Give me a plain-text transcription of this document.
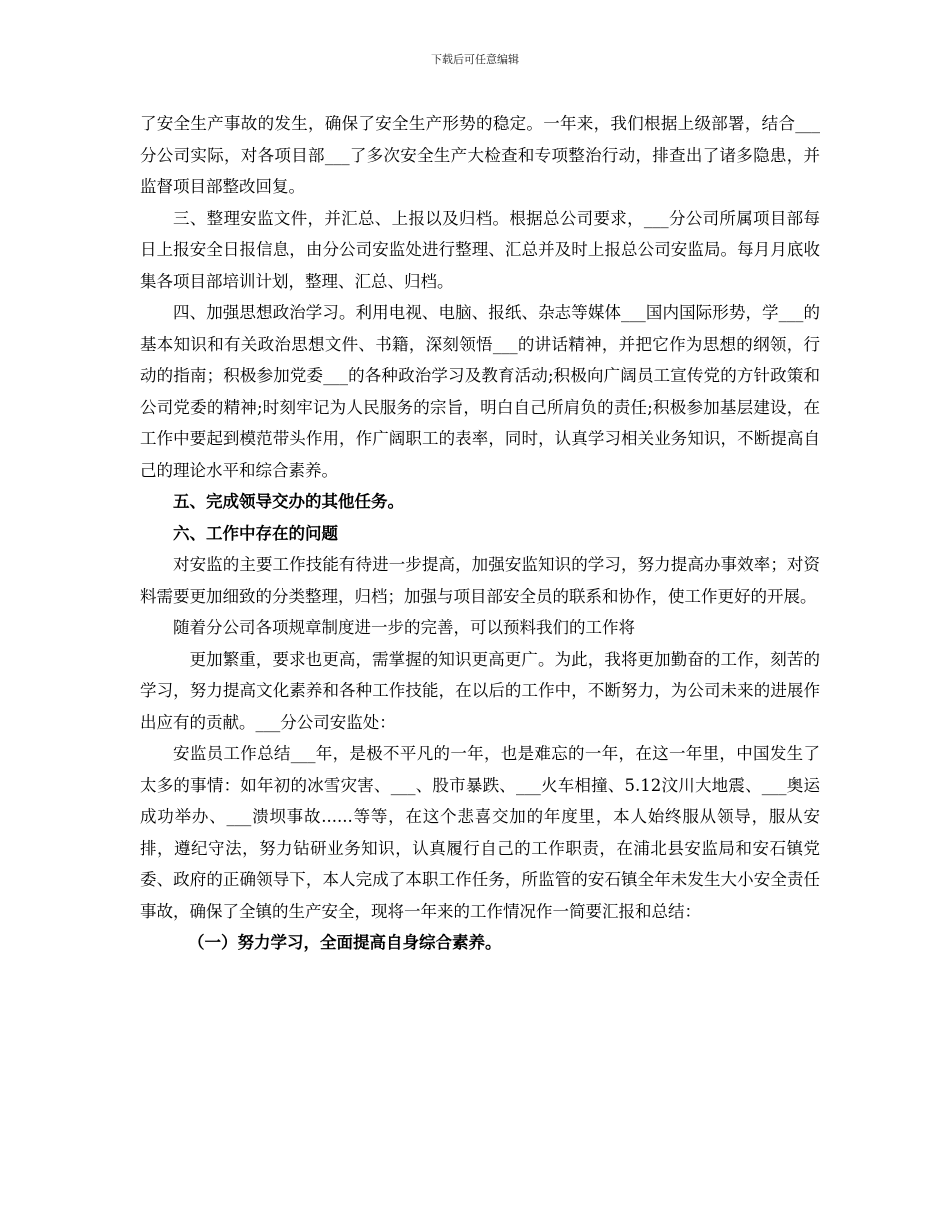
下载后可任意编辑

了安全生产事故的发生，确保了安全生产形势的稳定。一年来，我们根据上级部署，结合___分公司实际，对各项目部___了多次安全生产大检查和专项整治行动，排查出了诸多隐患，并监督项目部整改回复。

三、整理安监文件，并汇总、上报以及归档。根据总公司要求，___分公司所属项目部每日上报安全日报信息，由分公司安监处进行整理、汇总并及时上报总公司安监局。每月月底收集各项目部培训计划，整理、汇总、归档。

四、加强思想政治学习。利用电视、电脑、报纸、杂志等媒体___国内国际形势，学___的基本知识和有关政治思想文件、书籍，深刻领悟___的讲话精神，并把它作为思想的纲领，行动的指南；积极参加党委___的各种政治学习及教育活动;积极向广阔员工宣传党的方针政策和公司党委的精神;时刻牢记为人民服务的宗旨，明白自己所肩负的责任;积极参加基层建设，在工作中要起到模范带头作用，作广阔职工的表率，同时，认真学习相关业务知识，不断提高自己的理论水平和综合素养。

五、完成领导交办的其他任务。

六、工作中存在的问题

对安监的主要工作技能有待进一步提高，加强安监知识的学习，努力提高办事效率；对资料需要更加细致的分类整理，归档；加强与项目部安全员的联系和协作，使工作更好的开展。

随着分公司各项规章制度进一步的完善，可以预料我们的工作将

更加繁重，要求也更高，需掌握的知识更高更广。为此，我将更加勤奋的工作，刻苦的学习，努力提高文化素养和各种工作技能，在以后的工作中，不断努力，为公司未来的进展作出应有的贡献。___分公司安监处：

安监员工作总结___年，是极不平凡的一年，也是难忘的一年，在这一年里，中国发生了太多的事情：如年初的冰雪灾害、___、股市暴跌、___火车相撞、5.12汶川大地震、___奥运成功举办、___溃坝事故......等等，在这个悲喜交加的年度里，本人始终服从领导，服从安排，遵纪守法，努力钻研业务知识，认真履行自己的工作职责，在浦北县安监局和安石镇党委、政府的正确领导下，本人完成了本职工作任务，所监管的安石镇全年未发生大小安全责任事故，确保了全镇的生产安全，现将一年来的工作情况作一简要汇报和总结：

（一）努力学习，全面提高自身综合素养。
